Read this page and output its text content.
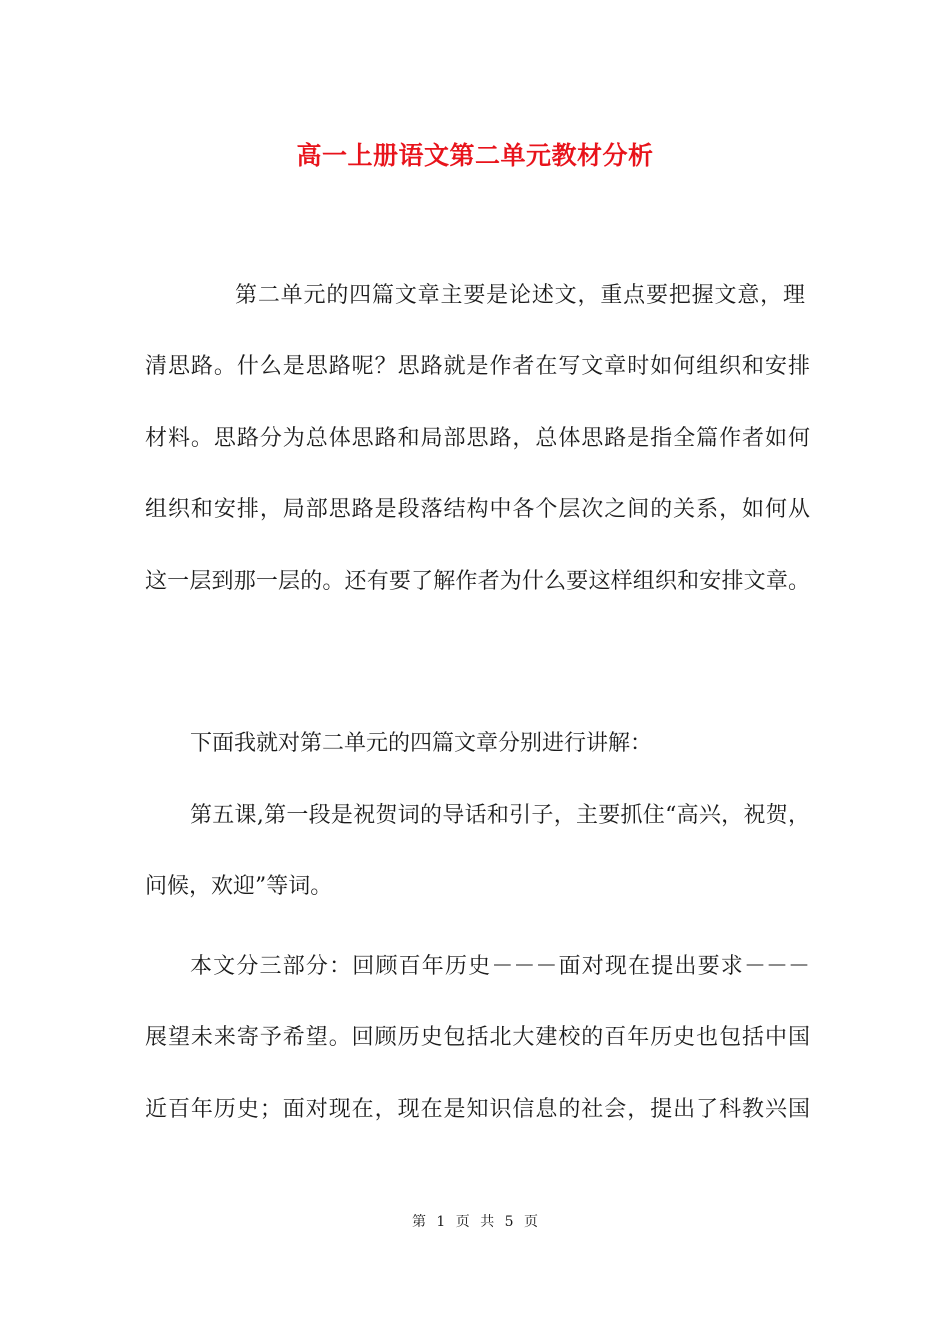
高一上册语文第二单元教材分析

第二单元的四篇文章主要是论述文，重点要把握文意，理

清思路。什么是思路呢？思路就是作者在写文章时如何组织和安排

材料。思路分为总体思路和局部思路，总体思路是指全篇作者如何

组织和安排，局部思路是段落结构中各个层次之间的关系，如何从

这一层到那一层的。还有要了解作者为什么要这样组织和安排文章。

下面我就对第二单元的四篇文章分别进行讲解：

第五课,第一段是祝贺词的导话和引子，主要抓住“高兴，祝贺，

问候，欢迎”等词。

本文分三部分：回顾百年历史－－－面对现在提出要求－－－

展望未来寄予希望。回顾历史包括北大建校的百年历史也包括中国

近百年历史；面对现在，现在是知识信息的社会，提出了科教兴国

第 1 页 共 5 页
